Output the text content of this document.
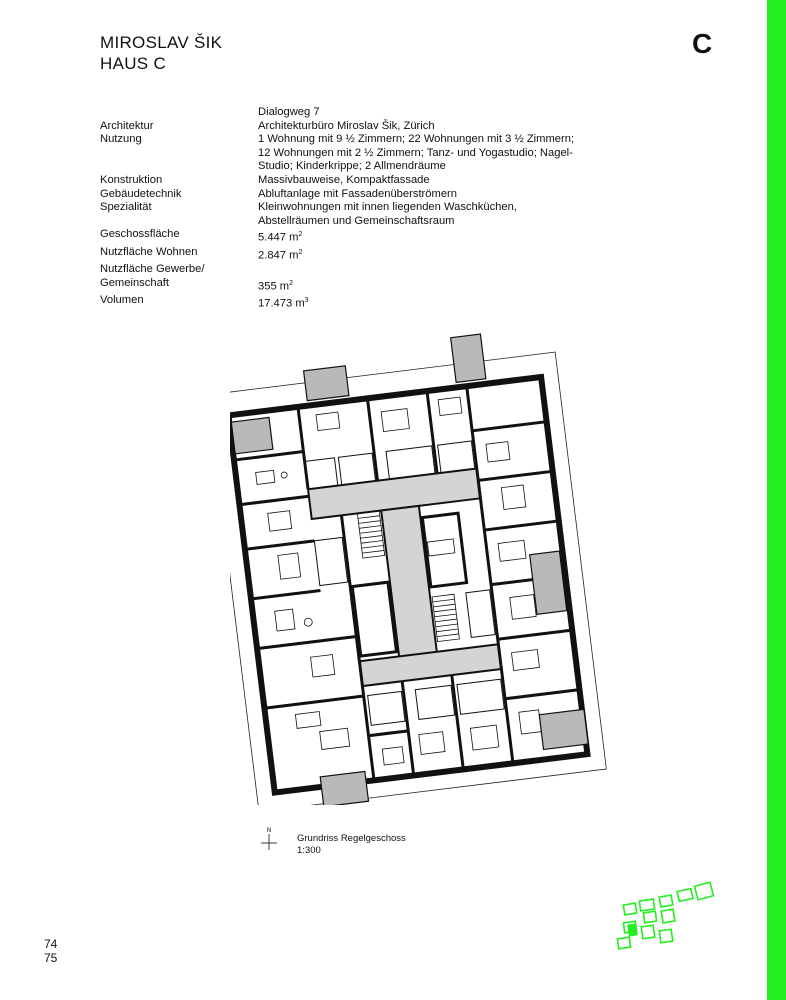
MIROSLAV ŠIK
HAUS C
C
Dialogweg 7
Architektur	Architekturbüro Miroslav Šik, Zürich
Nutzung	1 Wohnung mit 9 ½ Zimmern; 22 Wohnungen mit 3 ½ Zimmern; 12 Wohnungen mit 2 ½ Zimmern; Tanz- und Yogastudio; Nagel-Studio; Kinderkrippe; 2 Allmendräume
Konstruktion	Massivbauweise, Kompaktfassade
Gebäudetechnik	Abluftanlage mit Fassadenüberströmern
Spezialität	Kleinwohnungen mit innen liegenden Waschküchen, Abstellräumen und Gemeinschaftsraum
Geschossfläche	5.447 $m^2$
Nutzfläche Wohnen	2.847 $m^2$
Nutzfläche Gewerbe/
Gemeinschaft	355 $m^2$
Volumen	17.473 $m^3$
N
Grundriss Regelgeschoss
1:300
74
75
